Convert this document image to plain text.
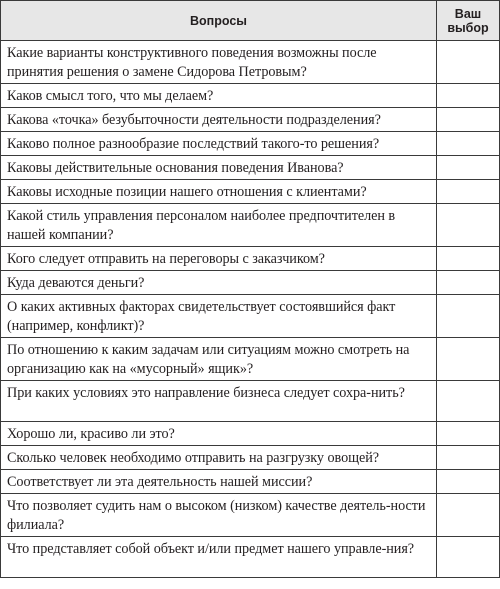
Вопросы	Ваш выбор
Какие варианты конструктивного поведения возможны после принятия решения о замене Сидорова Петровым?	
Каков смысл того, что мы делаем?	
Какова «точка» безубыточности деятельности подразделения?	
Каково полное разнообразие последствий такого-то решения?	
Каковы действительные основания поведения Иванова?	
Каковы исходные позиции нашего отношения с клиентами?	
Какой стиль управления персоналом наиболее предпочтителен в нашей компании?	
Кого следует отправить на переговоры с заказчиком?	
Куда деваются деньги?	
О каких активных факторах свидетельствует состоявшийся факт (например, конфликт)?	
По отношению к каким задачам или ситуациям можно смотреть на организацию как на «мусорный» ящик»?	
При каких условиях это направление бизнеса следует сохра-нить?	
Хорошо ли, красиво ли это?	
Сколько человек необходимо отправить на разгрузку овощей?	
Соответствует ли эта деятельность нашей миссии?	
Что позволяет судить нам о высоком (низком) качестве деятель-ности филиала?	
Что представляет собой объект и/или предмет нашего управле-ния?	
